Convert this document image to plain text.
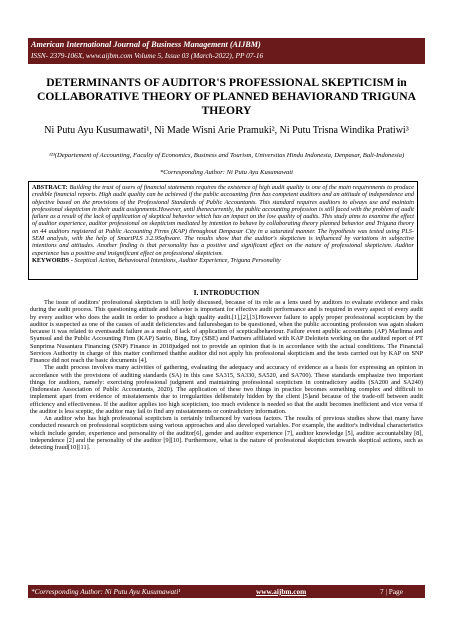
American International Journal of Business Management (AIJBM)
ISSN- 2379-106X, www.aijbm.com Volume 5, Issue 03 (March-2022), PP 07-16
DETERMINANTS OF AUDITOR'S PROFESSIONAL SKEPTICISM in COLLABORATIVE THEORY OF PLANNED BEHAVIORAND TRIGUNA THEORY
Ni Putu Ayu Kusumawati¹, Ni Made Wisni Arie Pramuki², Ni Putu Trisna Windika Pratiwi³
¹²³(Departement of Accounting, Faculty of Economics, Business and Tourism, Universitas Hindu Indonesia, Denpasar, Bali-Indonesia)
*Corresponding Author: Ni Putu Ayu Kusumawati
ABSTRACT: Building the trust of users of financial statements requires the existence of high audit quality is one of the main requirements to produce credible financial reports. High audit quality can be achieved if the public accounting firm has competent auditors and an attitude of independence and objective based on the provisions of the Professional Standards of Public Accountants. This standard requires auditors to always use and maintain professional skepticism in their audit assignments.However, until thenecurrently, the public accounting profession is still faced with the problem of audit failure as a result of the lack of application of skeptical behavior which has an impact on the low quality of audits. This study aims to examine the effect of auditor experience, auditor professional on skepticism mediated by intention to behave by collaborating theory planned behavior and Triguna theory on 44 auditors registered at Public Accounting Firms (KAP) throughout Denpasar City in a saturated manner. The hypothesis was tested using PLS-SEM analysis, with the help of SmartPLS 3.2.9Software. The results show that the auditor's skepticism is influenced by variations in subjective intentions and attitudes. Another finding is that personality has a positive and significant effect on the nature of professional skepticism. Auditor experience has a positive and insignificant effect on professional skepticism.
KEYWORDS - Sceptical Action, Behavioural Intentions, Auditor Experience, Triguna Personality
I. INTRODUCTION

The issue of auditors' professional skepticism is still hotly discussed, because of its role as a lens used by auditors to evaluate evidence and risks during the audit process. This questioning attitude and behavior is important for effective audit performance and is required in every aspect of every audit by every auditor who does the audit in order to produce a high quality audit.[1],[2],[3].However failure to apply proper professional scepticism by the auditor is suspected as one of the causes of audit deficiencies and failuresbegan to be questioned, when the public accounting profession was again shaken because it was related to eventsaudit failure as a result of lack of application of scepticalbehaviour. Failure event apublic accountants (AP) Marlinna and Syamsul and the Public Accounting Firm (KAP) Satrio, Bing, Eny (SBE) and Partners affiliated with KAP Deloitein working on the audited report of PT Sunprima Nusantara Financing (SNP) Finance in 2018judged not to provide an opinion that is in accordance with the actual conditions. The Financial Services Authority in charge of this matter confirmed thatthe auditor did not apply his professional skepticism and the tests carried out by KAP on SNP Finance did not reach the basic documents [4].

The audit process involves many activities of gathering, evaluating the adequacy and accuracy of evidence as a basis for expressing an opinion in accordance with the provisions of auditing standards (SA) in this case SA315, SA330, SA520, and SA700). These standards emphasize two important things for auditors, namely: exercising professional judgment and maintaining professional scepticism in contradictory audits (SA200 and SA240) (Indonesian Association of Public Accountants, 2020). The application of these two things in practice becomes something complex and difficult to implement apart from evidence of misstatements due to irregularities deliberately hidden by the client [5]and because of the trade-off between audit efficiency and effectiveness. If the auditor applies too high scepticism, too much evidence is needed so that the audit becomes inefficient and vice versa if the auditor is less sceptic, the auditor may fail to find any misstatements or contradictory information.

An auditor who has high professional scepticism is certainly influenced by various factors. The results of previous studies show that many have conducted research on professional scepticism using various approaches and also developed variables. For example, the auditor's individual characteristics which include gender, experience and personality of the auditor[6], gender and auditor experience [7], auditor knowledge [5], auditor accountability [8], independence [2] and the personality of the auditor [9][10]. Furthermore, what is the nature of professional skepticism towards skeptical actions, such as detecting fraud[10][11].

*Corresponding Author: Ni Putu Ayu Kusumawati¹	www.aijbm.com	7 | Page
